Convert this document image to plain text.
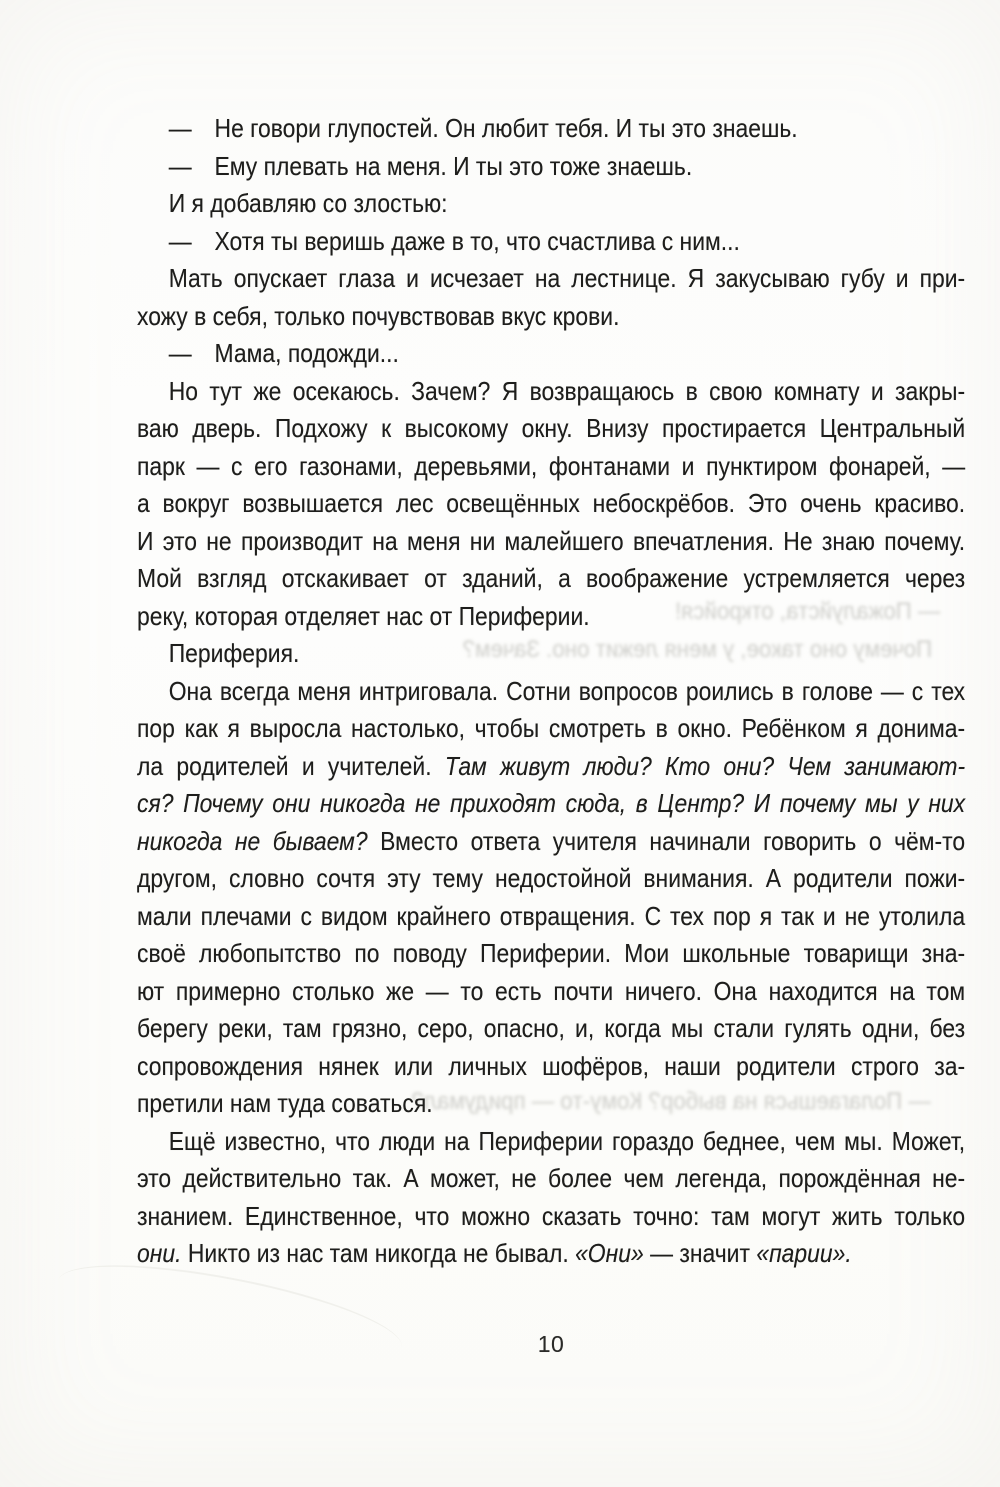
— Пожалуйста, откройся!
Почему оно такое, у меня лежит оно. Зачем?
— Полагаешься на выбор? Кому-то — придумал?
— Не говори глупостей. Он любит тебя. И ты это знаешь.
— Ему плевать на меня. И ты это тоже знаешь.
И я добавляю со злостью:
— Хотя ты веришь даже в то, что счастлива с ним...
Мать опускает глаза и исчезает на лестнице. Я закусываю губу и при-
хожу в себя, только почувствовав вкус крови.
— Мама, подожди...
Но тут же осекаюсь. Зачем? Я возвращаюсь в свою комнату и закры-
ваю дверь. Подхожу к высокому окну. Внизу простирается Центральный
парк — с его газонами, деревьями, фонтанами и пунктиром фонарей, —
а вокруг возвышается лес освещённых небоскрёбов. Это очень красиво.
И это не производит на меня ни малейшего впечатления. Не знаю почему.
Мой взгляд отскакивает от зданий, а воображение устремляется через
реку, которая отделяет нас от Периферии.
Периферия.
Она всегда меня интриговала. Сотни вопросов роились в голове — с тех
пор как я выросла настолько, чтобы смотреть в окно. Ребёнком я донима-
ла родителей и учителей. Там живут люди? Кто они? Чем занимают-
ся? Почему они никогда не приходят сюда, в Центр? И почему мы у них
никогда не бываем? Вместо ответа учителя начинали говорить о чём-то
другом, словно сочтя эту тему недостойной внимания. А родители пожи-
мали плечами с видом крайнего отвращения. С тех пор я так и не утолила
своё любопытство по поводу Периферии. Мои школьные товарищи зна-
ют примерно столько же — то есть почти ничего. Она находится на том
берегу реки, там грязно, серо, опасно, и, когда мы стали гулять одни, без
сопровождения нянек или личных шофёров, наши родители строго за-
претили нам туда соваться.
Ещё известно, что люди на Периферии гораздо беднее, чем мы. Может,
это действительно так. А может, не более чем легенда, порождённая не-
знанием. Единственное, что можно сказать точно: там могут жить только
они. Никто из нас там никогда не бывал. «Они» — значит «парии».
10
